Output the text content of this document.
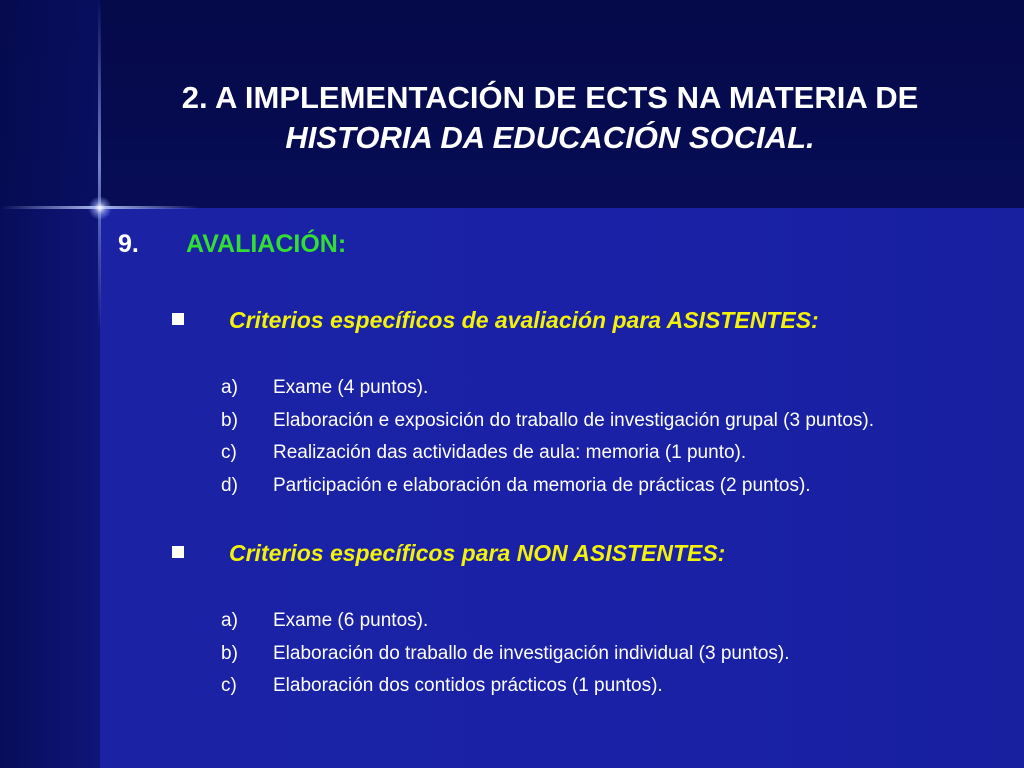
2. A IMPLEMENTACIÓN DE ECTS NA MATERIA DE
HISTORIA DA EDUCACIÓN SOCIAL.
9. AVALIACIÓN:
Criterios específicos de avaliación para ASISTENTES:
a) Exame (4 puntos).
b) Elaboración e exposición do traballo de investigación grupal (3 puntos).
c) Realización das actividades de aula: memoria (1 punto).
d) Participación e elaboración da memoria de prácticas (2 puntos).
Criterios específicos para NON ASISTENTES:
a) Exame (6 puntos).
b) Elaboración do traballo de investigación individual (3 puntos).
c) Elaboración dos contidos prácticos (1 puntos).
